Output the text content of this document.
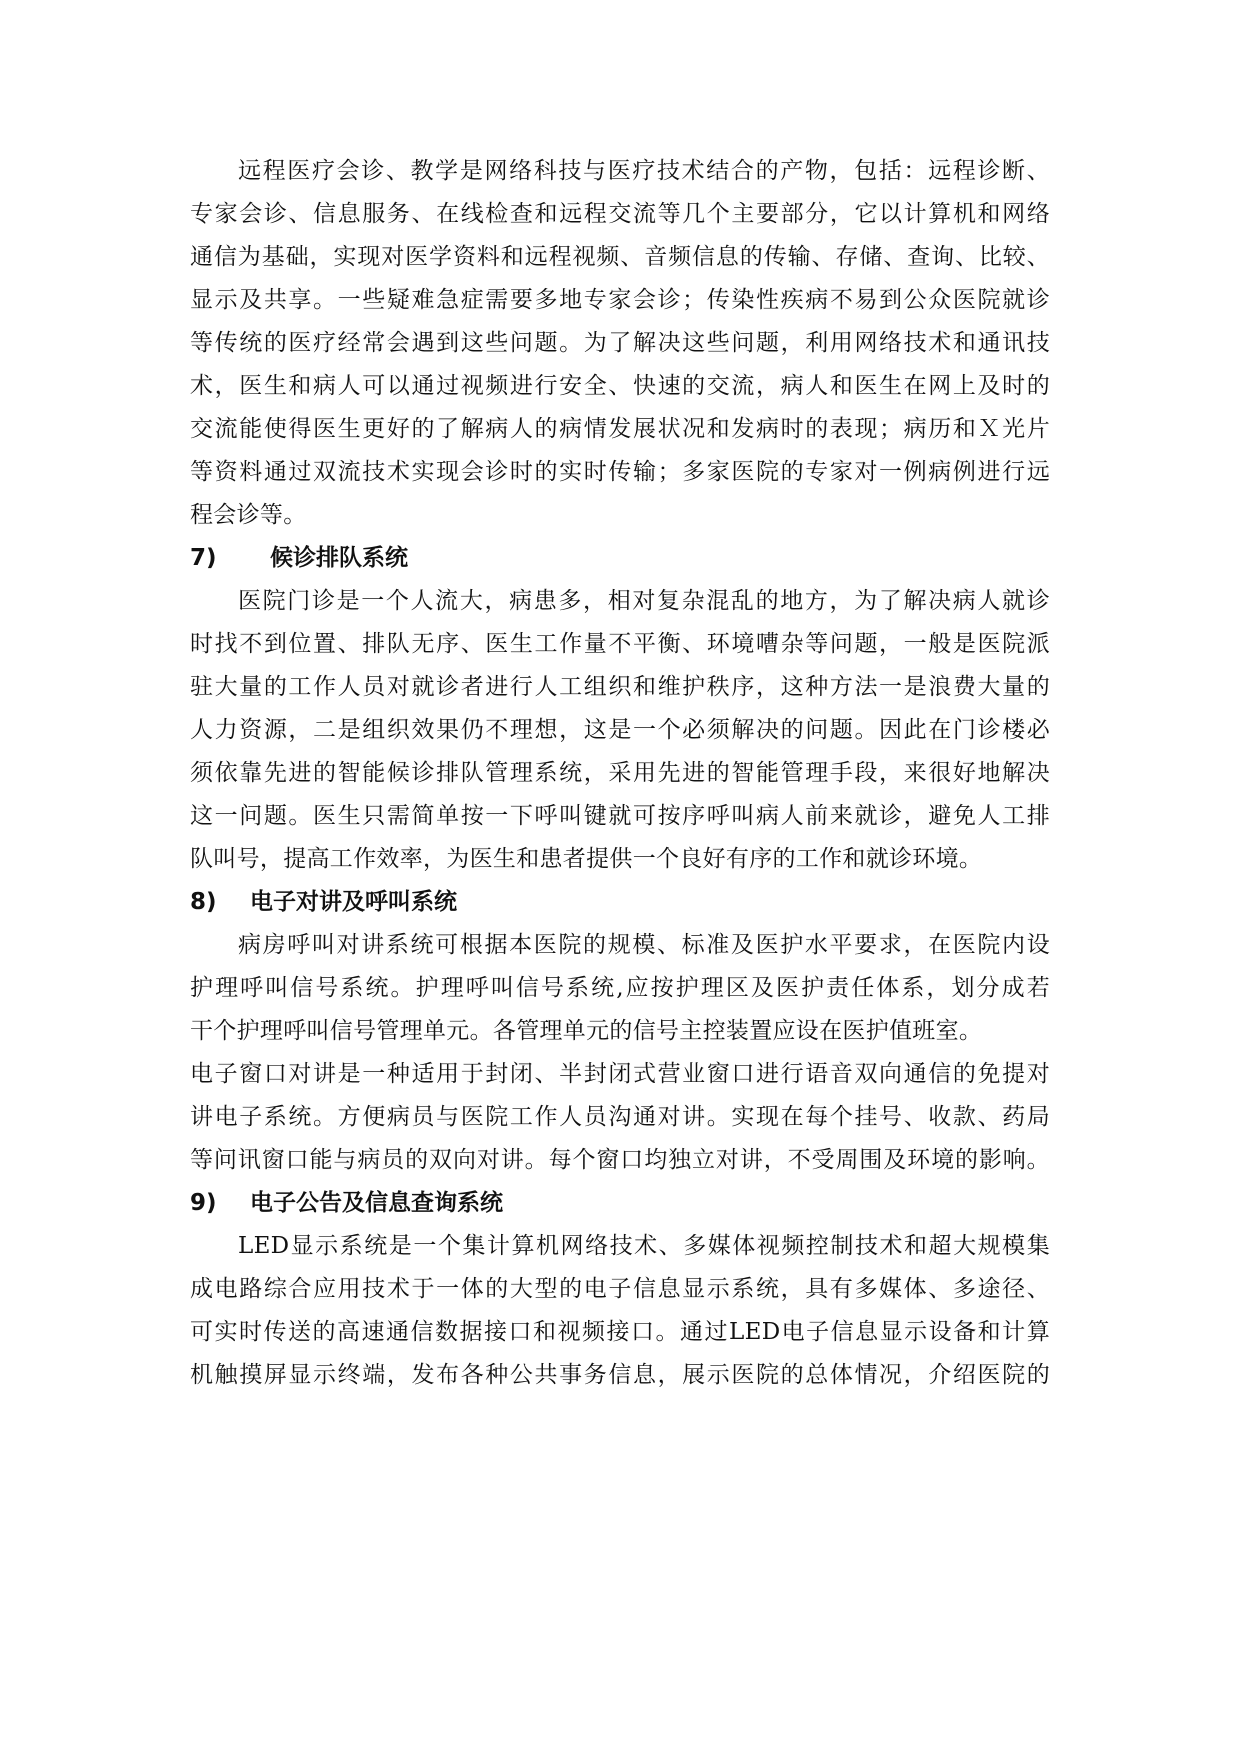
远程医疗会诊、教学是网络科技与医疗技术结合的产物，包括：远程诊断、
专家会诊、信息服务、在线检查和远程交流等几个主要部分，它以计算机和网络
通信为基础，实现对医学资料和远程视频、音频信息的传输、存储、查询、比较、
显示及共享。一些疑难急症需要多地专家会诊；传染性疾病不易到公众医院就诊
等传统的医疗经常会遇到这些问题。为了解决这些问题，利用网络技术和通讯技
术，医生和病人可以通过视频进行安全、快速的交流，病人和医生在网上及时的
交流能使得医生更好的了解病人的病情发展状况和发病时的表现；病历和Ｘ光片
等资料通过双流技术实现会诊时的实时传输；多家医院的专家对一例病例进行远
程会诊等。
7) 候诊排队系统
医院门诊是一个人流大，病患多，相对复杂混乱的地方，为了解决病人就诊
时找不到位置、排队无序、医生工作量不平衡、环境嘈杂等问题，一般是医院派
驻大量的工作人员对就诊者进行人工组织和维护秩序，这种方法一是浪费大量的
人力资源，二是组织效果仍不理想，这是一个必须解决的问题。因此在门诊楼必
须依靠先进的智能候诊排队管理系统，采用先进的智能管理手段，来很好地解决
这一问题。医生只需简单按一下呼叫键就可按序呼叫病人前来就诊，避免人工排
队叫号，提高工作效率，为医生和患者提供一个良好有序的工作和就诊环境。
8) 电子对讲及呼叫系统
病房呼叫对讲系统可根据本医院的规模、标准及医护水平要求，在医院内设
护理呼叫信号系统。护理呼叫信号系统,应按护理区及医护责任体系，划分成若
干个护理呼叫信号管理单元。各管理单元的信号主控装置应设在医护值班室。
电子窗口对讲是一种适用于封闭、半封闭式营业窗口进行语音双向通信的免提对
讲电子系统。方便病员与医院工作人员沟通对讲。实现在每个挂号、收款、药局
等问讯窗口能与病员的双向对讲。每个窗口均独立对讲，不受周围及环境的影响。
9) 电子公告及信息查询系统
LED显示系统是一个集计算机网络技术、多媒体视频控制技术和超大规模集
成电路综合应用技术于一体的大型的电子信息显示系统，具有多媒体、多途径、
可实时传送的高速通信数据接口和视频接口。通过LED电子信息显示设备和计算
机触摸屏显示终端，发布各种公共事务信息，展示医院的总体情况，介绍医院的
